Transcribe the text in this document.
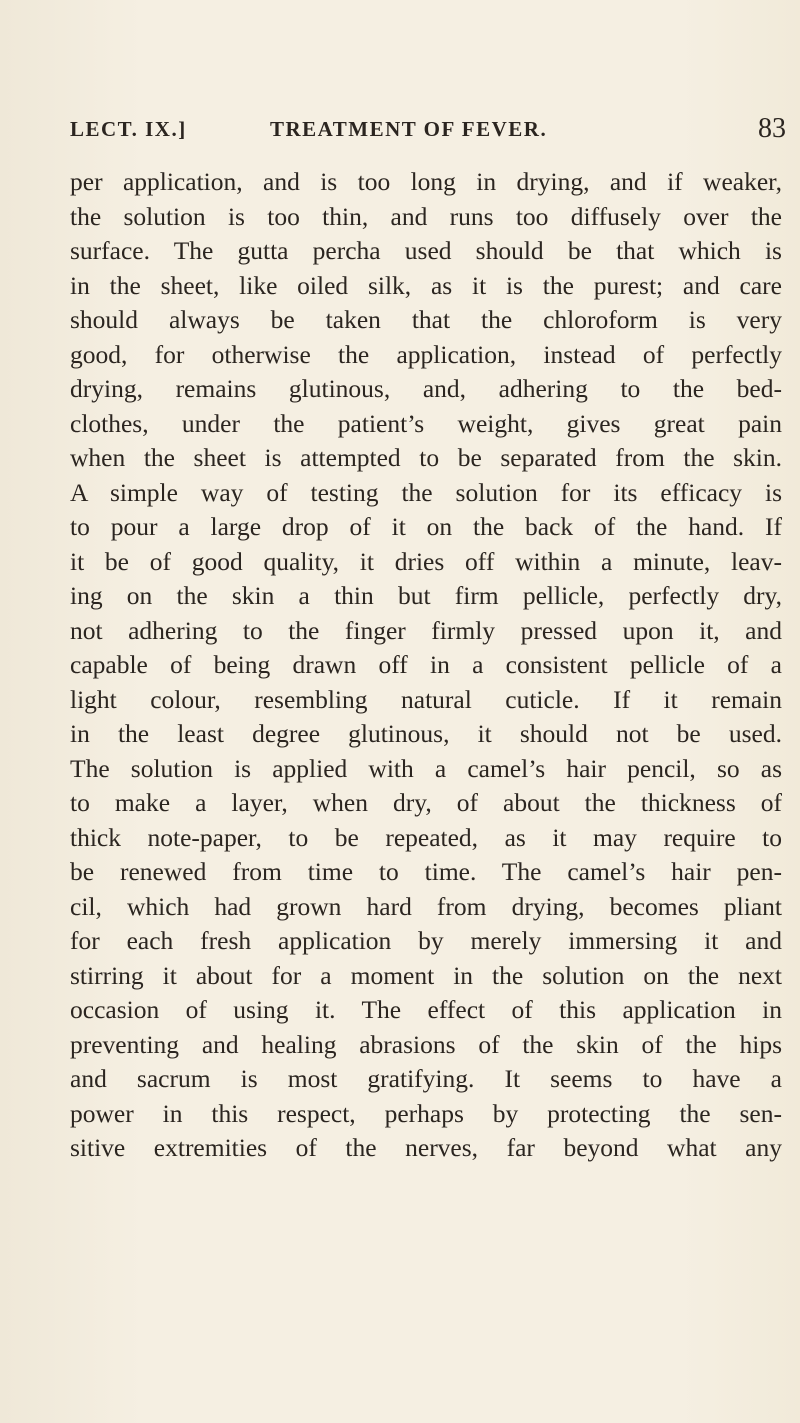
LECT. IX.]	TREATMENT OF FEVER.	83
per application, and is too long in drying, and if weaker,
the solution is too thin, and runs too diffusely over the
surface. The gutta percha used should be that which is
in the sheet, like oiled silk, as it is the purest; and care
should always be taken that the chloroform is very
good, for otherwise the application, instead of perfectly
drying, remains glutinous, and, adhering to the bed-
clothes, under the patient’s weight, gives great pain
when the sheet is attempted to be separated from the skin.
A simple way of testing the solution for its efficacy is
to pour a large drop of it on the back of the hand. If
it be of good quality, it dries off within a minute, leav-
ing on the skin a thin but firm pellicle, perfectly dry,
not adhering to the finger firmly pressed upon it, and
capable of being drawn off in a consistent pellicle of a
light colour, resembling natural cuticle. If it remain
in the least degree glutinous, it should not be used.
The solution is applied with a camel’s hair pencil, so as
to make a layer, when dry, of about the thickness of
thick note-paper, to be repeated, as it may require to
be renewed from time to time. The camel’s hair pen-
cil, which had grown hard from drying, becomes pliant
for each fresh application by merely immersing it and
stirring it about for a moment in the solution on the next
occasion of using it. The effect of this application in
preventing and healing abrasions of the skin of the hips
and sacrum is most gratifying. It seems to have a
power in this respect, perhaps by protecting the sen-
sitive extremities of the nerves, far beyond what any
